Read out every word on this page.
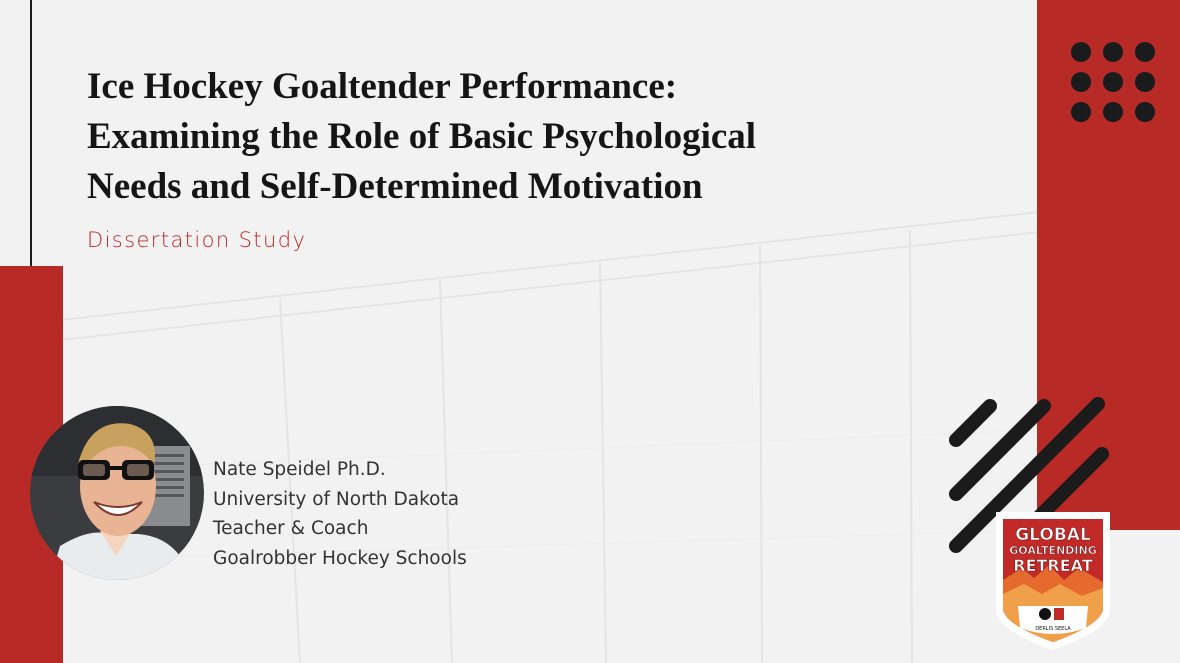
Ice Hockey Goaltender Performance:
Examining the Role of Basic Psychological
Needs and Self-Determined Motivation

Dissertation Study

Nate Speidel Ph.D.
University of North Dakota
Teacher & Coach
Goalrobber Hockey Schools
GLOBAL
GOALTENDING
RETREAT
DERLIS SEELA
